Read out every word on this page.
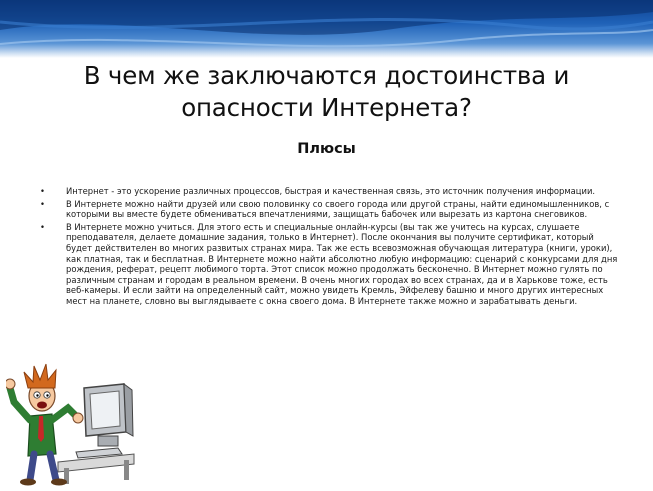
В чем же заключаются достоинства и опасности Интернета?
Плюсы
•	Интернет - это ускорение различных процессов, быстрая и качественная связь, это источник получения информации.
•	В Интернете можно найти друзей или свою половинку со своего города или другой страны, найти единомышленников, с которыми вы вместе будете обмениваться впечатлениями, защищать бабочек или вырезать из картона снеговиков.
•	В Интернете можно учиться. Для этого есть и специальные онлайн-курсы (вы так же учитесь на курсах, слушаете преподавателя, делаете домашние задания, только в Интернет). После окончания вы получите сертификат, который будет действителен во многих развитых странах мира. Так же есть всевозможная обучающая литература (книги, уроки), как платная, так и бесплатная. В Интернете можно найти абсолютно любую информацию: сценарий с конкурсами для дня рождения, реферат, рецепт любимого торта. Этот список можно продолжать бесконечно. В Интернет можно гулять по различным странам и городам в реальном времени. В очень многих городах во всех странах, да и в Харькове тоже, есть веб-камеры. И если зайти на определенный сайт, можно увидеть Кремль, Эйфелеву башню и много других интересных мест на планете, словно вы выглядываете с окна своего дома. В Интернете также можно и зарабатывать деньги.
